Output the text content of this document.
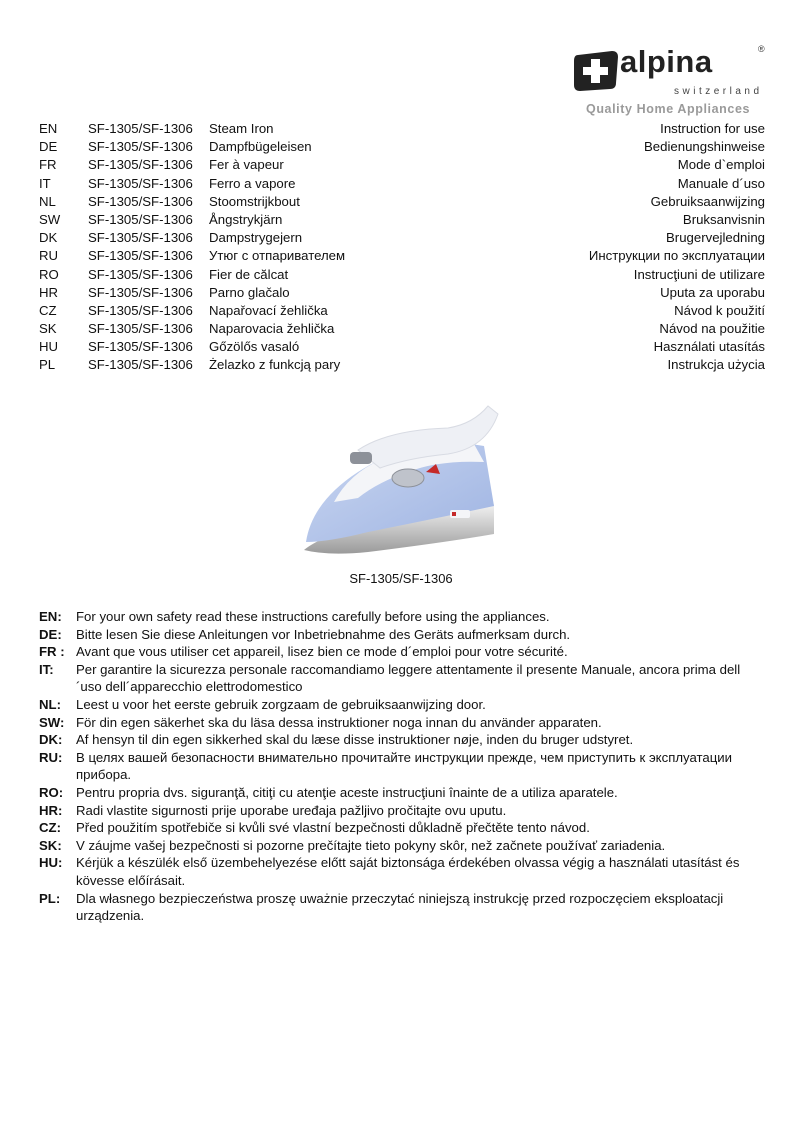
alpina	®
switzerland
Quality Home Appliances
EN SF-1305/SF-1306 Steam Iron	Instruction for use
DE SF-1305/SF-1306 Dampfbügeleisen	Bedienungshinweise
FR SF-1305/SF-1306 Fer à vapeur	Mode d`emploi
IT	SF-1305/SF-1306 Ferro a vapore	Manuale d´uso
NL SF-1305/SF-1306 Stoomstrijkbout	Gebruiksaanwijzing
SW SF-1305/SF-1306 Ångstrykjärn	Bruksanvisnin
DK SF-1305/SF-1306 Dampstrygejern	Brugervejledning
RU SF-1305/SF-1306 Утюг с отпаривателем	Инструкции по эксплуатации
RO SF-1305/SF-1306 Fier de călcat	Instrucţiuni de utilizare
HR SF-1305/SF-1306 Parno glačalo	Uputa za uporabu
CZ SF-1305/SF-1306 Napařovací žehlička	Návod k použití
SK SF-1305/SF-1306 Naparovacia žehlička	Návod na použitie
HU SF-1305/SF-1306 Gőzölős vasaló	Használati utasítás
PL SF-1305/SF-1306 Żelazko z funkcją pary	Instrukcja użycia
SF-1305/SF-1306
EN: For your own safety read these instructions carefully before using the appliances.
DE: Bitte lesen Sie diese Anleitungen vor Inbetriebnahme des Geräts aufmerksam durch.
FR : Avant que vous utiliser cet appareil, lisez bien ce mode d´emploi pour votre sécurité.
IT: Per garantire la sicurezza personale raccomandiamo leggere attentamente il presente Manuale, ancora prima dell ´uso dell´apparecchio elettrodomestico
NL: Leest u voor het eerste gebruik zorgzaam de gebruiksaanwijzing door.
SW: För din egen säkerhet ska du läsa dessa instruktioner noga innan du använder apparaten.
DK: Af hensyn til din egen sikkerhed skal du læse disse instruktioner nøje, inden du bruger udstyret.
RU: В целях вашей безопасности внимательно прочитайте инструкции прежде, чем приступить к эксплуатации прибора.
RO: Pentru propria dvs. siguranţă, citiţi cu atenţie aceste instrucţiuni înainte de a utiliza aparatele.
HR: Radi vlastite sigurnosti prije uporabe uređaja pažljivo pročitajte ovu uputu.
CZ: Před použitím spotřebiče si kvůli své vlastní bezpečnosti důkladně přečtěte tento návod.
SK: V záujme vašej bezpečnosti si pozorne prečítajte tieto pokyny skôr, než začnete používať zariadenia.
HU: Kérjük a készülék első üzembehelyezése előtt saját biztonsága érdekében olvassa végig a használati utasítást és kövesse előírásait.
PL: Dla własnego bezpieczeństwa proszę uważnie przeczytać niniejszą instrukcję przed rozpoczęciem eksploatacji urządzenia.
